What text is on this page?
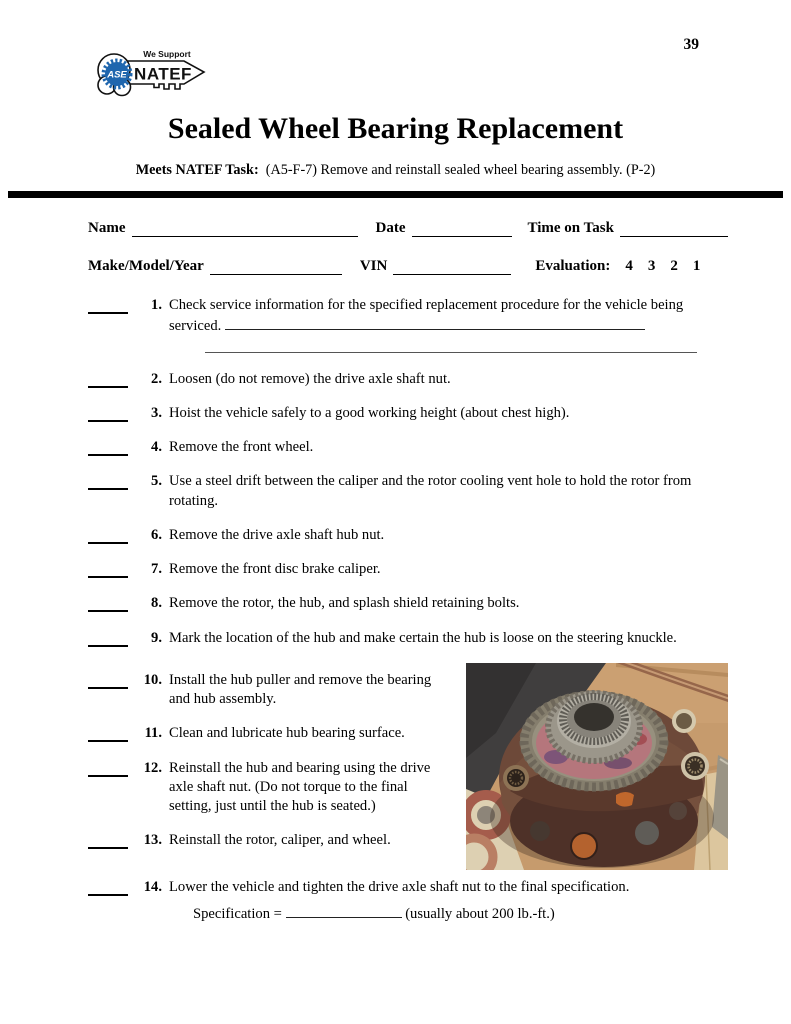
ASE
We Support
NATEF
39
Sealed Wheel Bearing Replacement
Meets NATEF Task: (A5-F-7) Remove and reinstall sealed wheel bearing assembly. (P-2)
Name	Date	Time on Task
Make/Model/Year	VIN	Evaluation: 4 3 2 1
1. Check service information for the specified replacement procedure for the vehicle being serviced.
2. Loosen (do not remove) the drive axle shaft nut.
3. Hoist the vehicle safely to a good working height (about chest high).
4. Remove the front wheel.
5. Use a steel drift between the caliper and the rotor cooling vent hole to hold the rotor from rotating.
6. Remove the drive axle shaft hub nut.
7. Remove the front disc brake caliper.
8. Remove the rotor, the hub, and splash shield retaining bolts.
9. Mark the location of the hub and make certain the hub is loose on the steering knuckle.
10. Install the hub puller and remove the bearing and hub assembly.
11. Clean and lubricate hub bearing surface.
12. Reinstall the hub and bearing using the drive axle shaft nut. (Do not torque to the final setting, just until the hub is seated.)
13. Reinstall the rotor, caliper, and wheel.
14. Lower the vehicle and tighten the drive axle shaft nut to the final specification.
Specification =	(usually about 200 lb.-ft.)
